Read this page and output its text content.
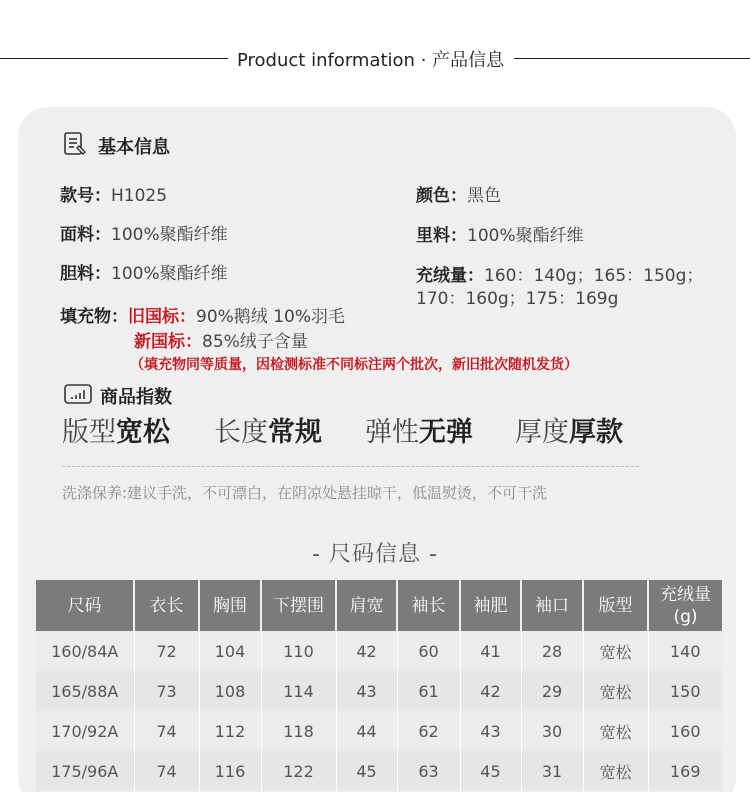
Product information · 产品信息
基本信息
款号：H1025	颜色：黑色
面料：100%聚酯纤维	里料：100%聚酯纤维
胆料：100%聚酯纤维	充绒量：160：140g；165：150g；
170：160g；175：169g
填充物：旧国标：90%鹅绒 10%羽毛
新国标：85%绒子含量
（填充物同等质量，因检测标准不同标注两个批次，新旧批次随机发货）
商品指数
版型宽松 长度常规 弹性无弹 厚度厚款
洗涤保养:建议手洗，不可漂白，在阴凉处悬挂晾干，低温熨烫，不可干洗
- 尺码信息 -
尺码	衣长	胸围	下摆围	肩宽	袖长	袖肥	袖口	版型	充绒量
(g)

160/84A	72	104	110	42	60	41	28	宽松	140
165/88A	73	108	114	43	61	42	29	宽松	150
170/92A	74	112	118	44	62	43	30	宽松	160
175/96A	74	116	122	45	63	45	31	宽松	169
